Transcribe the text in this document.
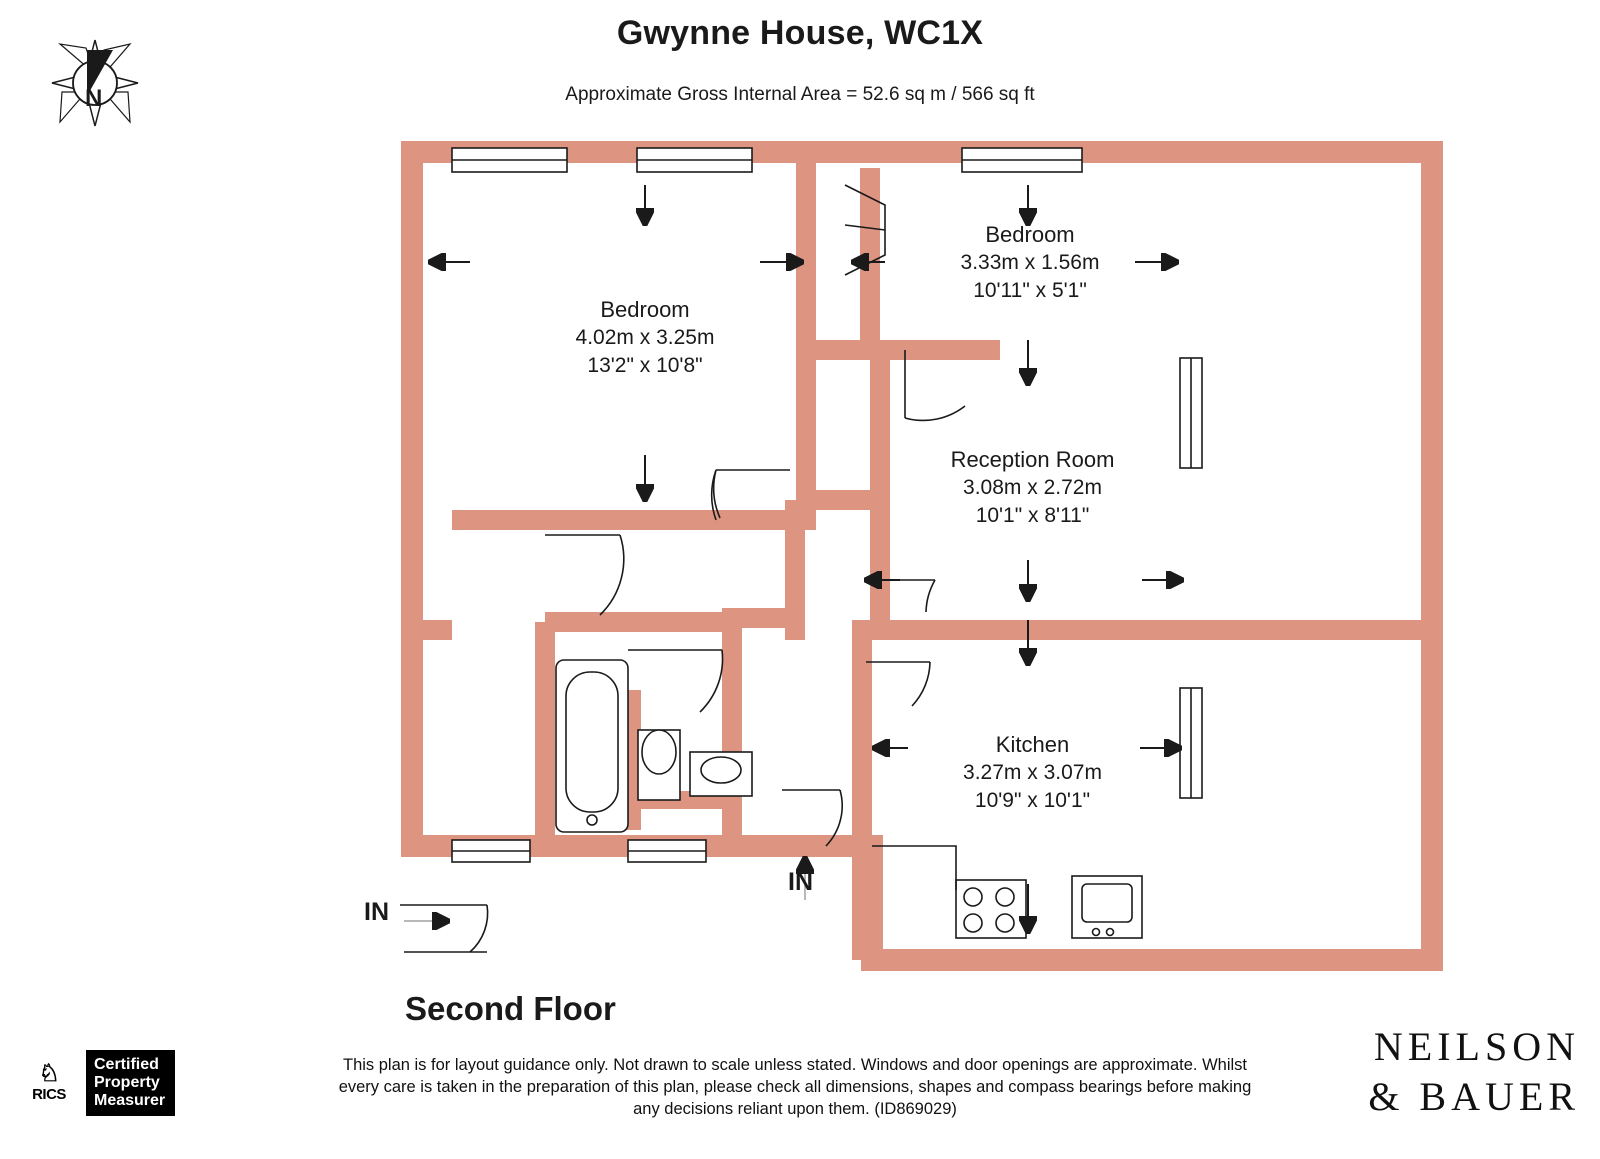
Gwynne House, WC1X
Approximate Gross Internal Area = 52.6 sq m / 566 sq ft
N
Bedroom
4.02m x 3.25m
13'2" x 10'8"
Bedroom
3.33m x 1.56m
10'11" x 5'1"
Reception Room
3.08m x 2.72m
10'1" x 8'11"
Kitchen
3.27m x 3.07m
10'9" x 10'1"
IN
IN
Second Floor
This plan is for layout guidance only. Not drawn to scale unless stated. Windows and door openings are approximate. Whilst every care is taken in the preparation of this plan, please check all dimensions, shapes and compass bearings before making any decisions reliant upon them. (ID869029)
NEILSON
& BAUER
♘
RICS
Certified
Property
Measurer
